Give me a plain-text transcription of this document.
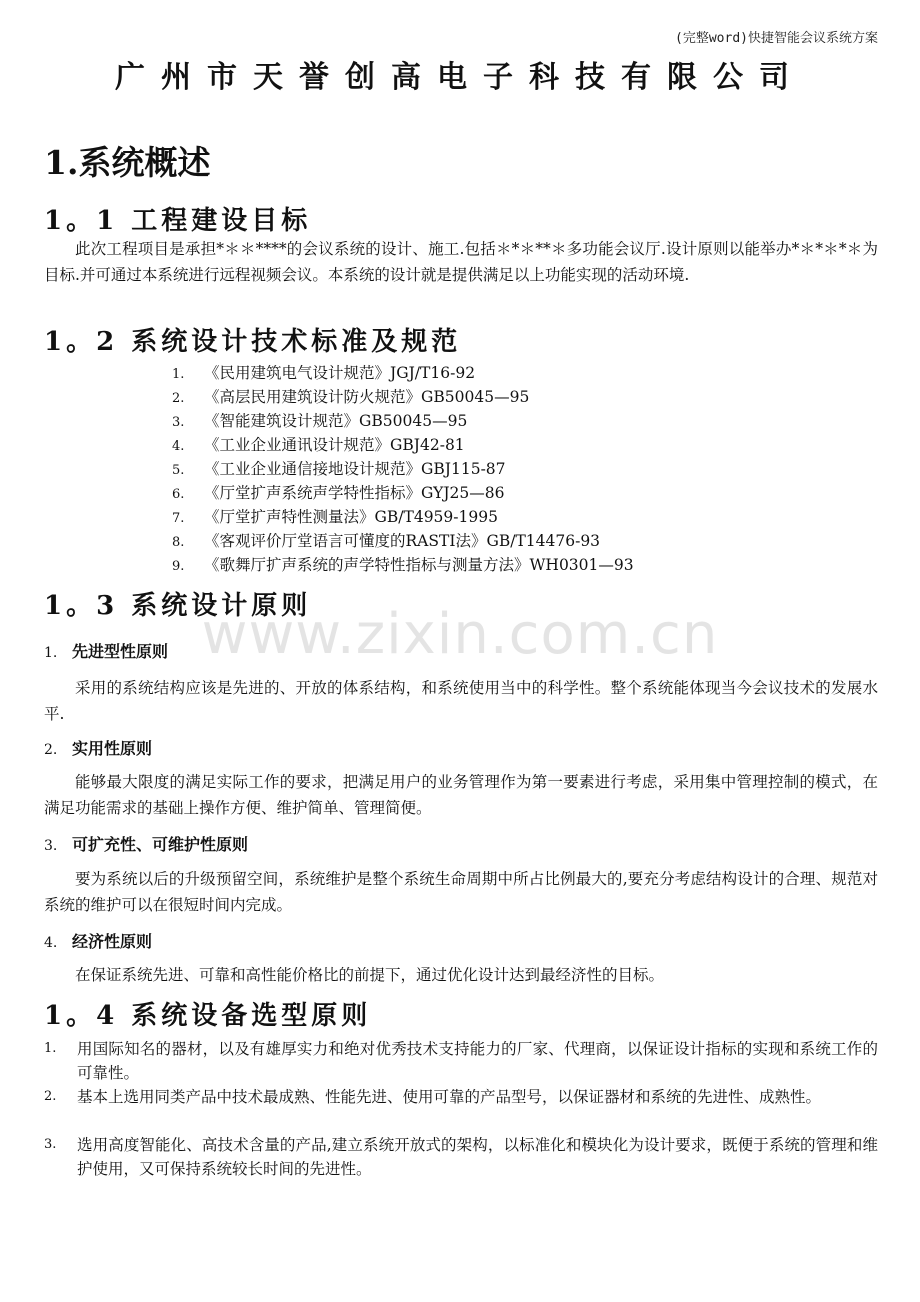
(完整word)快捷智能会议系统方案
广州市天誉创高电子科技有限公司
www.zixin.com.cn
1.系统概述
1。1 工程建设目标
此次工程项目是承担*＊＊****的会议系统的设计、施工.包括＊*＊**＊多功能会议厅.设计原则以能举办*＊*＊*＊为目标.并可通过本系统进行远程视频会议。本系统的设计就是提供满足以上功能实现的活动环境.
1。2 系统设计技术标准及规范
1. 《民用建筑电气设计规范》JGJ/T16-92
2. 《高层民用建筑设计防火规范》GB50045—95
3. 《智能建筑设计规范》GB50045—95
4. 《工业企业通讯设计规范》GBJ42-81
5. 《工业企业通信接地设计规范》GBJ115-87
6. 《厅堂扩声系统声学特性指标》GYJ25—86
7. 《厅堂扩声特性测量法》GB/T4959-1995
8. 《客观评价厅堂语言可懂度的RASTI法》GB/T14476-93
9. 《歌舞厅扩声系统的声学特性指标与测量方法》WH0301—93
1。3 系统设计原则
1. 先进型性原则
采用的系统结构应该是先进的、开放的体系结构，和系统使用当中的科学性。整个系统能体现当今会议技术的发展水平.
2. 实用性原则
能够最大限度的满足实际工作的要求，把满足用户的业务管理作为第一要素进行考虑，采用集中管理控制的模式，在满足功能需求的基础上操作方便、维护简单、管理简便。
3. 可扩充性、可维护性原则
要为系统以后的升级预留空间，系统维护是整个系统生命周期中所占比例最大的,要充分考虑结构设计的合理、规范对系统的维护可以在很短时间内完成。
4. 经济性原则
在保证系统先进、可靠和高性能价格比的前提下，通过优化设计达到最经济性的目标。
1。4 系统设备选型原则
1. 用国际知名的器材，以及有雄厚实力和绝对优秀技术支持能力的厂家、代理商，以保证设计指标的实现和系统工作的可靠性。
2. 基本上选用同类产品中技术最成熟、性能先进、使用可靠的产品型号，以保证器材和系统的先进性、成熟性。
3. 选用高度智能化、高技术含量的产品,建立系统开放式的架构，以标准化和模块化为设计要求，既便于系统的管理和维护使用，又可保持系统较长时间的先进性。
